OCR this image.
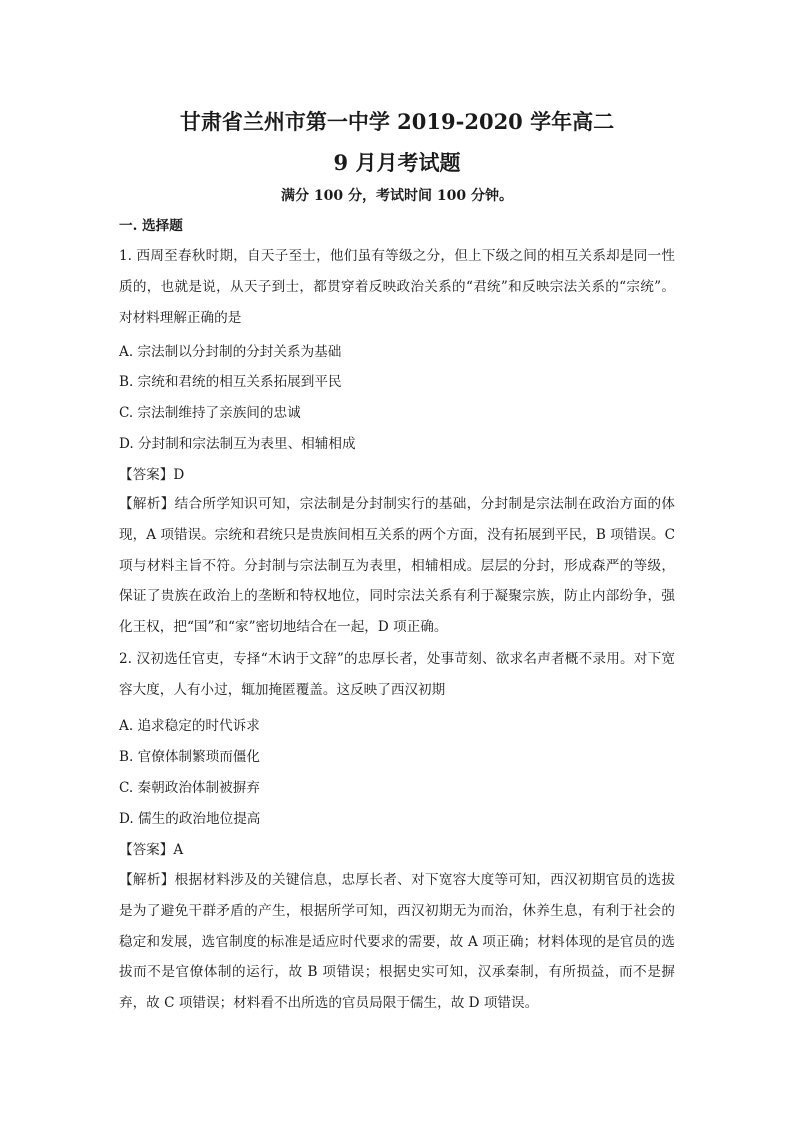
甘肃省兰州市第一中学 2019-2020 学年高二
9 月月考试题
满分 100 分，考试时间 100 分钟。
一. 选择题

1. 西周至春秋时期，自天子至士，他们虽有等级之分，但上下级之间的相互关系却是同一性质的，也就是说，从天子到士，都贯穿着反映政治关系的“君统”和反映宗法关系的“宗统”。对材料理解正确的是

A. 宗法制以分封制的分封关系为基础
B. 宗统和君统的相互关系拓展到平民
C. 宗法制维持了亲族间的忠诚
D. 分封制和宗法制互为表里、相辅相成
【答案】D

【解析】结合所学知识可知，宗法制是分封制实行的基础，分封制是宗法制在政治方面的体现，A 项错误。宗统和君统只是贵族间相互关系的两个方面，没有拓展到平民，B 项错误。C 项与材料主旨不符。分封制与宗法制互为表里，相辅相成。层层的分封，形成森严的等级，保证了贵族在政治上的垄断和特权地位，同时宗法关系有利于凝聚宗族，防止内部纷争，强化王权，把“国”和“家”密切地结合在一起，D 项正确。

2. 汉初选任官吏，专择“木讷于文辞”的忠厚长者，处事苛刻、欲求名声者概不录用。对下宽容大度，人有小过，辄加掩匿覆盖。这反映了西汉初期

A. 追求稳定的时代诉求
B. 官僚体制繁琐而僵化
C. 秦朝政治体制被摒弃
D. 儒生的政治地位提高
【答案】A

【解析】根据材料涉及的关键信息，忠厚长者、对下宽容大度等可知，西汉初期官员的选拔是为了避免干群矛盾的产生，根据所学可知，西汉初期无为而治，休养生息，有利于社会的稳定和发展，选官制度的标准是适应时代要求的需要，故 A 项正确；材料体现的是官员的选拔而不是官僚体制的运行，故 B 项错误；根据史实可知，汉承秦制，有所损益，而不是摒弃，故 C 项错误；材料看不出所选的官员局限于儒生，故 D 项错误。
